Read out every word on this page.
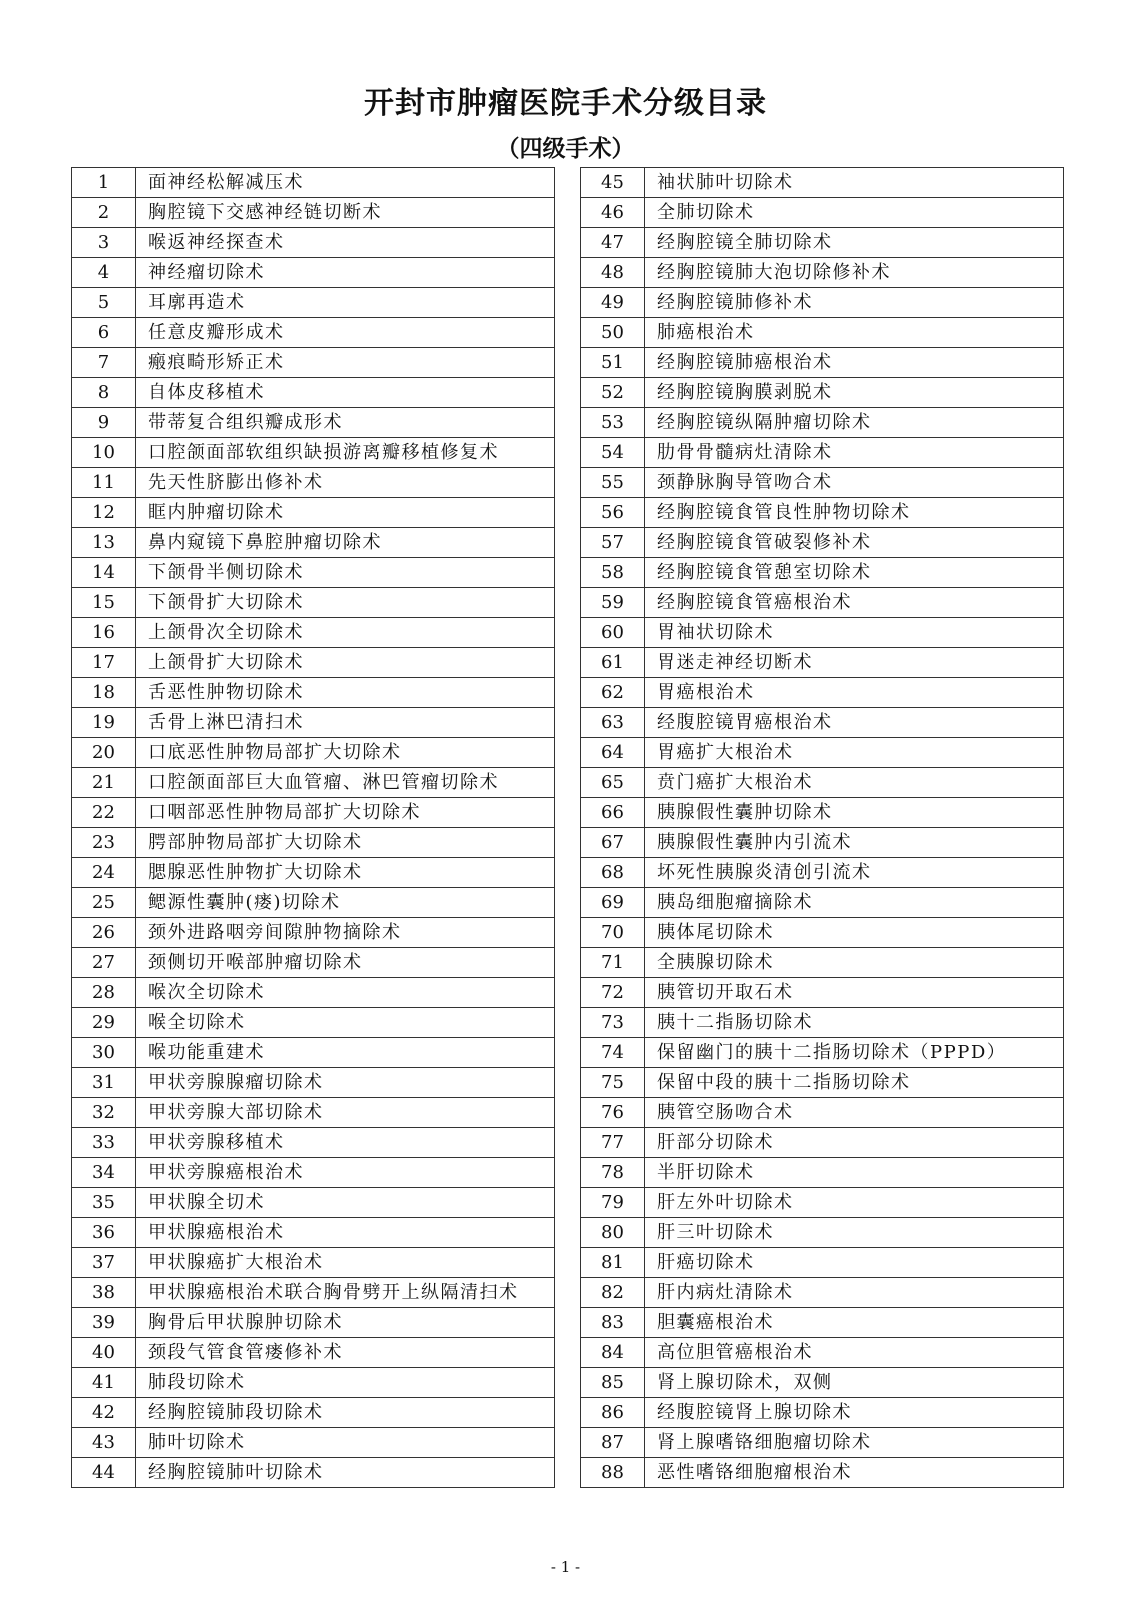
开封市肿瘤医院手术分级目录
（四级手术）
1	面神经松解减压术
2	胸腔镜下交感神经链切断术
3	喉返神经探查术
4	神经瘤切除术
5	耳廓再造术
6	任意皮瓣形成术
7	瘢痕畸形矫正术
8	自体皮移植术
9	带蒂复合组织瓣成形术
10	口腔颌面部软组织缺损游离瓣移植修复术
11	先天性脐膨出修补术
12	眶内肿瘤切除术
13	鼻内窥镜下鼻腔肿瘤切除术
14	下颌骨半侧切除术
15	下颌骨扩大切除术
16	上颌骨次全切除术
17	上颌骨扩大切除术
18	舌恶性肿物切除术
19	舌骨上淋巴清扫术
20	口底恶性肿物局部扩大切除术
21	口腔颌面部巨大血管瘤、淋巴管瘤切除术
22	口咽部恶性肿物局部扩大切除术
23	腭部肿物局部扩大切除术
24	腮腺恶性肿物扩大切除术
25	鳃源性囊肿(瘘)切除术
26	颈外进路咽旁间隙肿物摘除术
27	颈侧切开喉部肿瘤切除术
28	喉次全切除术
29	喉全切除术
30	喉功能重建术
31	甲状旁腺腺瘤切除术
32	甲状旁腺大部切除术
33	甲状旁腺移植术
34	甲状旁腺癌根治术
35	甲状腺全切术
36	甲状腺癌根治术
37	甲状腺癌扩大根治术
38	甲状腺癌根治术联合胸骨劈开上纵隔清扫术
39	胸骨后甲状腺肿切除术
40	颈段气管食管瘘修补术
41	肺段切除术
42	经胸腔镜肺段切除术
43	肺叶切除术
44	经胸腔镜肺叶切除术
45	袖状肺叶切除术
46	全肺切除术
47	经胸腔镜全肺切除术
48	经胸腔镜肺大泡切除修补术
49	经胸腔镜肺修补术
50	肺癌根治术
51	经胸腔镜肺癌根治术
52	经胸腔镜胸膜剥脱术
53	经胸腔镜纵隔肿瘤切除术
54	肋骨骨髓病灶清除术
55	颈静脉胸导管吻合术
56	经胸腔镜食管良性肿物切除术
57	经胸腔镜食管破裂修补术
58	经胸腔镜食管憩室切除术
59	经胸腔镜食管癌根治术
60	胃袖状切除术
61	胃迷走神经切断术
62	胃癌根治术
63	经腹腔镜胃癌根治术
64	胃癌扩大根治术
65	贲门癌扩大根治术
66	胰腺假性囊肿切除术
67	胰腺假性囊肿内引流术
68	坏死性胰腺炎清创引流术
69	胰岛细胞瘤摘除术
70	胰体尾切除术
71	全胰腺切除术
72	胰管切开取石术
73	胰十二指肠切除术
74	保留幽门的胰十二指肠切除术（PPPD）
75	保留中段的胰十二指肠切除术
76	胰管空肠吻合术
77	肝部分切除术
78	半肝切除术
79	肝左外叶切除术
80	肝三叶切除术
81	肝癌切除术
82	肝内病灶清除术
83	胆囊癌根治术
84	高位胆管癌根治术
85	肾上腺切除术，双侧
86	经腹腔镜肾上腺切除术
87	肾上腺嗜铬细胞瘤切除术
88	恶性嗜铬细胞瘤根治术
- 1 -
